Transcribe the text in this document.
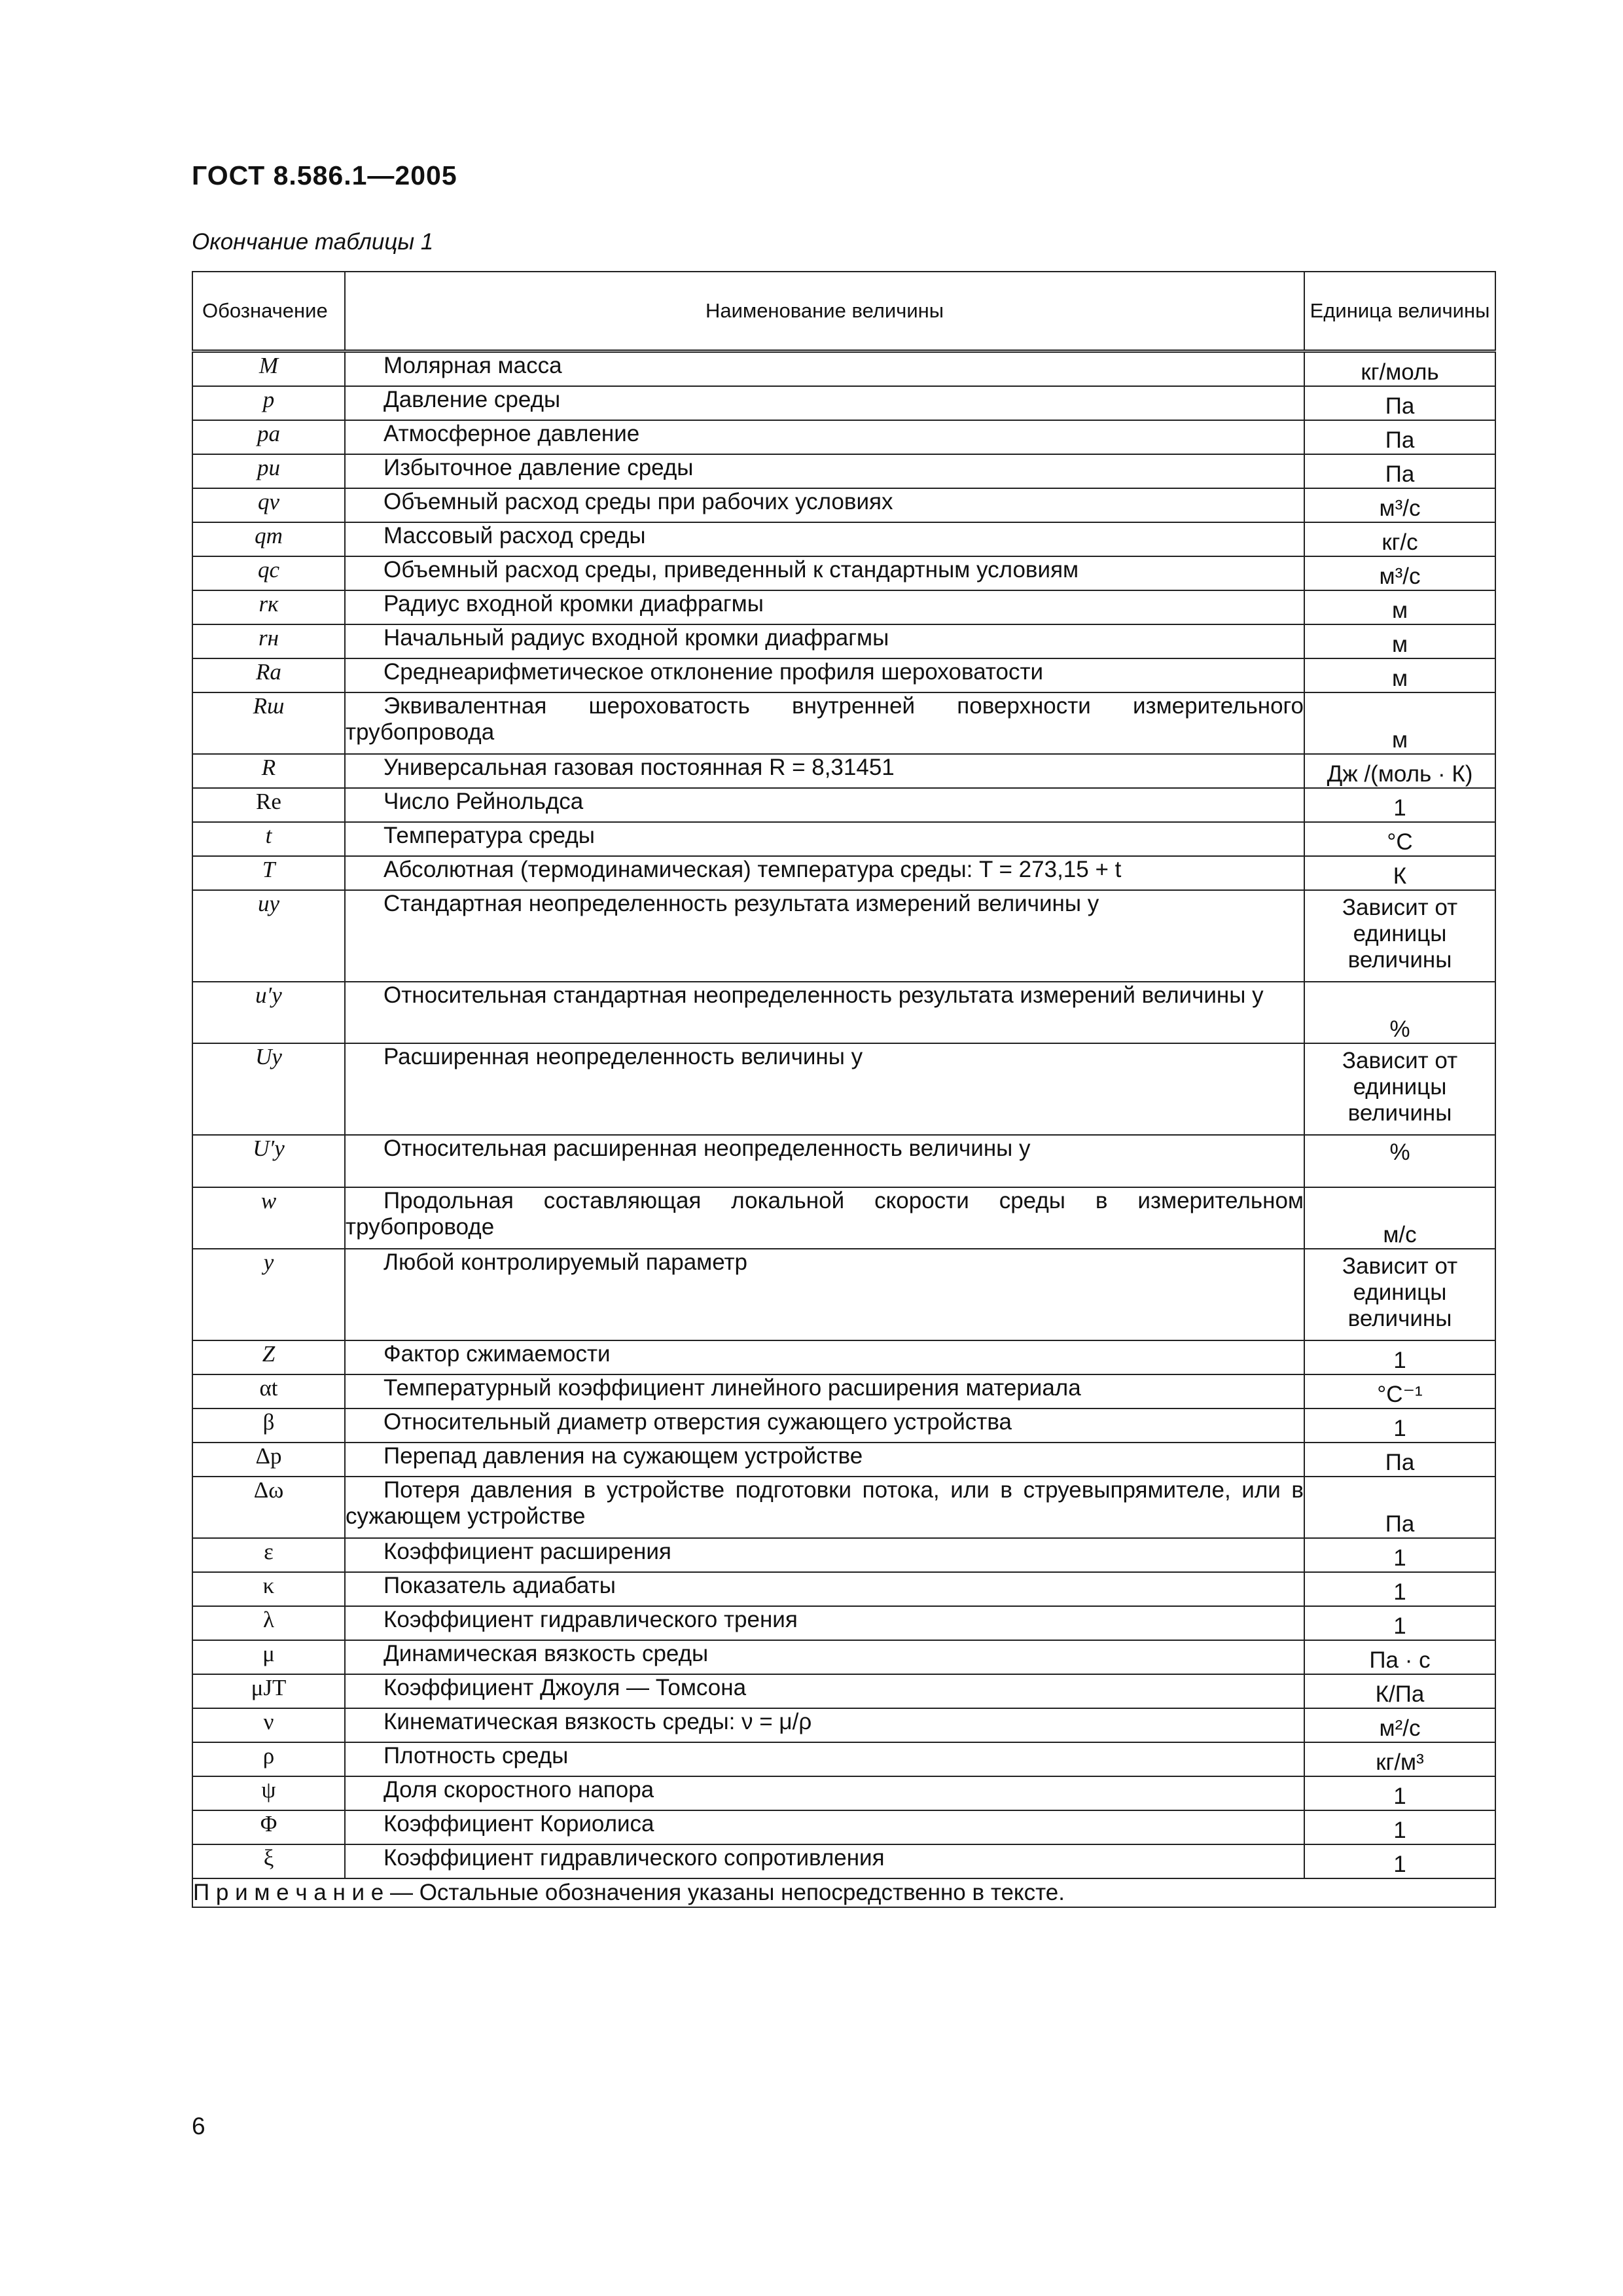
ГОСТ 8.586.1—2005
Окончание таблицы 1
Обозначение	Наименование величины	Единица величины
M	Молярная масса	кг/моль
p	Давление среды	Па
pа	Атмосферное давление	Па
pи	Избыточное давление среды	Па
qv	Объемный расход среды при рабочих условиях	м³/с
qm	Массовый расход среды	кг/с
qс	Объемный расход среды, приведенный к стандартным условиям	м³/с
rк	Радиус входной кромки диафрагмы	м
rн	Начальный радиус входной кромки диафрагмы	м
Ra	Среднеарифметическое отклонение профиля шероховатости	м
Rш	Эквивалентная шероховатость внутренней поверхности измерительного трубопровода	м
R	Универсальная газовая постоянная R = 8,31451	Дж /(моль · К)
Re	Число Рейнольдса	1
t	Температура среды	°С
T	Абсолютная (термодинамическая) температура среды: T = 273,15 + t	К
uy	Стандартная неопределенность результата измерений величины y	Зависит от единицы величины
u′y	Относительная стандартная неопределенность результата измерений величины y	%
Uy	Расширенная неопределенность величины y	Зависит от единицы величины
U′y	Относительная расширенная неопределенность величины y	%
w	Продольная составляющая локальной скорости среды в измерительном трубопроводе	м/с
y	Любой контролируемый параметр	Зависит от единицы величины
Z	Фактор сжимаемости	1
αt	Температурный коэффициент линейного расширения материала	°С⁻¹
β	Относительный диаметр отверстия сужающего устройства	1
Δp	Перепад давления на сужающем устройстве	Па
Δω	Потеря давления в устройстве подготовки потока, или в струевыпрямителе, или в сужающем устройстве	Па
ε	Коэффициент расширения	1
κ	Показатель адиабаты	1
λ	Коэффициент гидравлического трения	1
μ	Динамическая вязкость среды	Па · с
μJT	Коэффициент Джоуля — Томсона	К/Па
ν	Кинематическая вязкость среды: ν = μ/ρ	м²/с
ρ	Плотность среды	кг/м³
ψ	Доля скоростного напора	1
Φ	Коэффициент Кориолиса	1
ξ	Коэффициент гидравлического сопротивления	1
П р и м е ч а н и е — Остальные обозначения указаны непосредственно в тексте.		
6
